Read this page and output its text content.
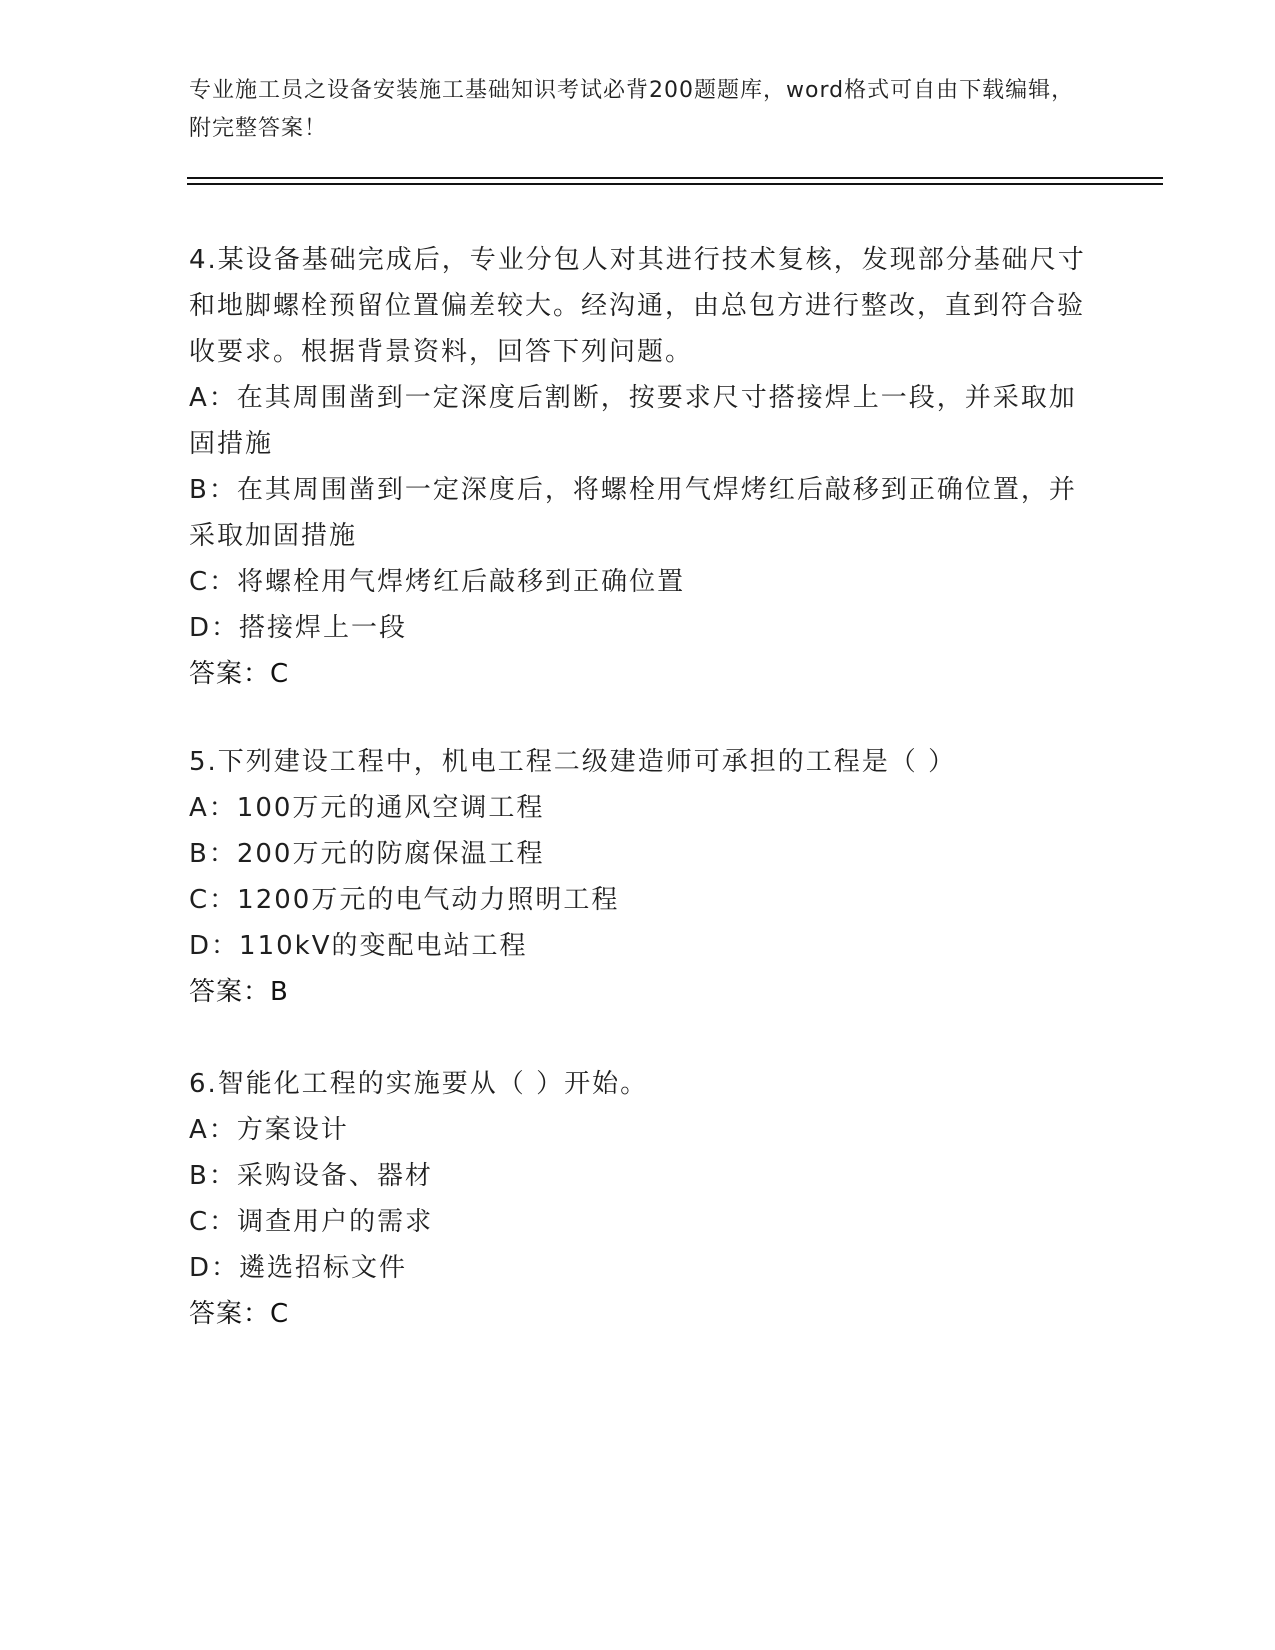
专业施工员之设备安装施工基础知识考试必背200题题库，word格式可自由下载编辑，附完整答案！
4.某设备基础完成后，专业分包人对其进行技术复核，发现部分基础尺寸和地脚螺栓预留位置偏差较大。经沟通，由总包方进行整改，直到符合验收要求。根据背景资料，回答下列问题。
A：在其周围凿到一定深度后割断，按要求尺寸搭接焊上一段，并采取加固措施
B：在其周围凿到一定深度后，将螺栓用气焊烤红后敲移到正确位置，并采取加固措施
C：将螺栓用气焊烤红后敲移到正确位置
D：搭接焊上一段
答案：C
5.下列建设工程中，机电工程二级建造师可承担的工程是（ ）
A：100万元的通风空调工程
B：200万元的防腐保温工程
C：1200万元的电气动力照明工程
D：110kV的变配电站工程
答案：B
6.智能化工程的实施要从（ ）开始。
A：方案设计
B：采购设备、器材
C：调查用户的需求
D：遴选招标文件
答案：C
